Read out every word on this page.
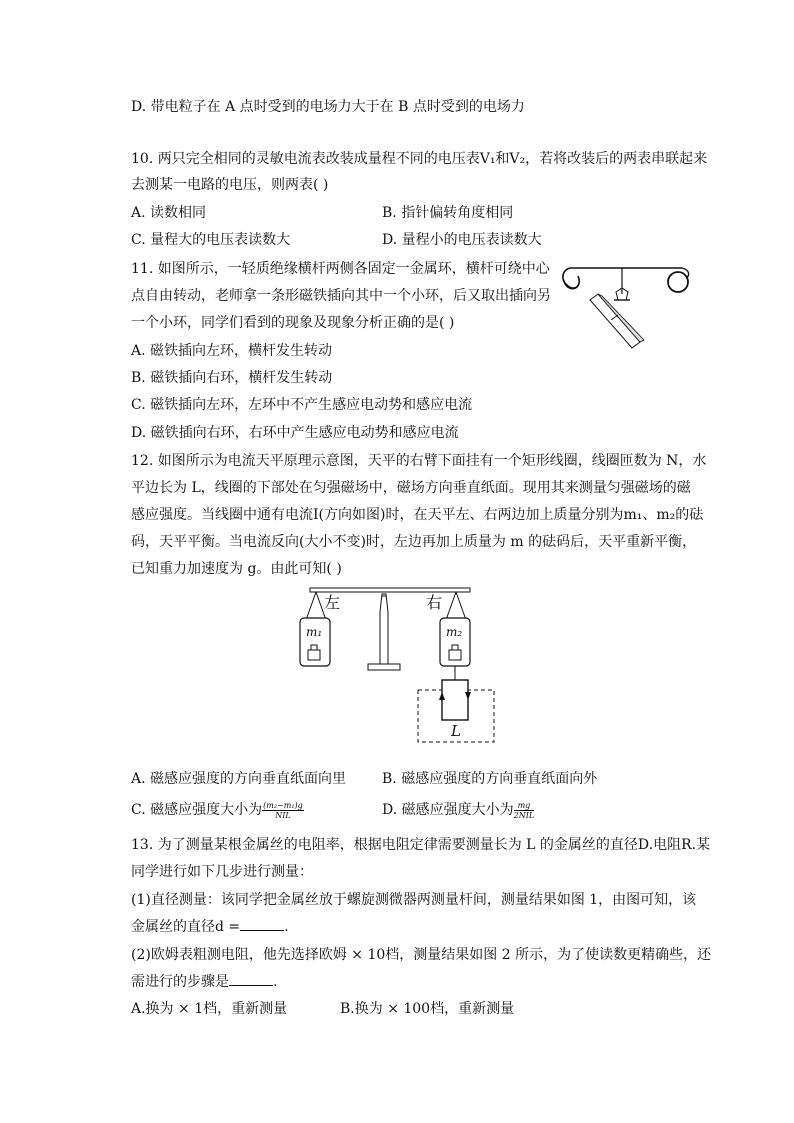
D. 带电粒子在 A 点时受到的电场力大于在 B 点时受到的电场力
10. 两只完全相同的灵敏电流表改装成量程不同的电压表V₁和V₂，若将改装后的两表串联起来
去测某一电路的电压，则两表( )
A. 读数相同	B. 指针偏转角度相同
C. 量程大的电压表读数大	D. 量程小的电压表读数大
11. 如图所示，一轻质绝缘横杆两侧各固定一金属环，横杆可绕中心
点自由转动，老师拿一条形磁铁插向其中一个小环，后又取出插向另
一个小环，同学们看到的现象及现象分析正确的是( )
A. 磁铁插向左环，横杆发生转动
B. 磁铁插向右环，横杆发生转动
C. 磁铁插向左环，左环中不产生感应电动势和感应电流
D. 磁铁插向右环，右环中产生感应电动势和感应电流
12. 如图所示为电流天平原理示意图，天平的右臂下面挂有一个矩形线圈，线圈匝数为 N，水
平边长为 L，线圈的下部处在匀强磁场中，磁场方向垂直纸面。现用其来测量匀强磁场的磁
感应强度。当线圈中通有电流I(方向如图)时，在天平左、右两边加上质量分别为m₁、m₂的砝
码，天平平衡。当电流反向(大小不变)时，左边再加上质量为 m 的砝码后，天平重新平衡，
已知重力加速度为 g。由此可知( )
左	右
m₁	m₂
L
A. 磁感应强度的方向垂直纸面向里	B. 磁感应强度的方向垂直纸面向外
C. 磁感应强度大小为 $\frac{\text{(m₂−m₁)g}}{\text{NIL}}$	D. 磁感应强度大小为 $\frac{mg}{\text{2NIL}}$
13. 为了测量某根金属丝的电阻率，根据电阻定律需要测量长为 L 的金属丝的直径D.电阻R.某
同学进行如下几步进行测量：
(1)直径测量：该同学把金属丝放于螺旋测微器两测量杆间，测量结果如图 1，由图可知，该
金属丝的直径d =	.
(2)欧姆表粗测电阻，他先选择欧姆 × 10档，测量结果如图 2 所示，为了使读数更精确些，还
需进行的步骤是	.
A.换为 × 1档，重新测量	B.换为 × 100档，重新测量
